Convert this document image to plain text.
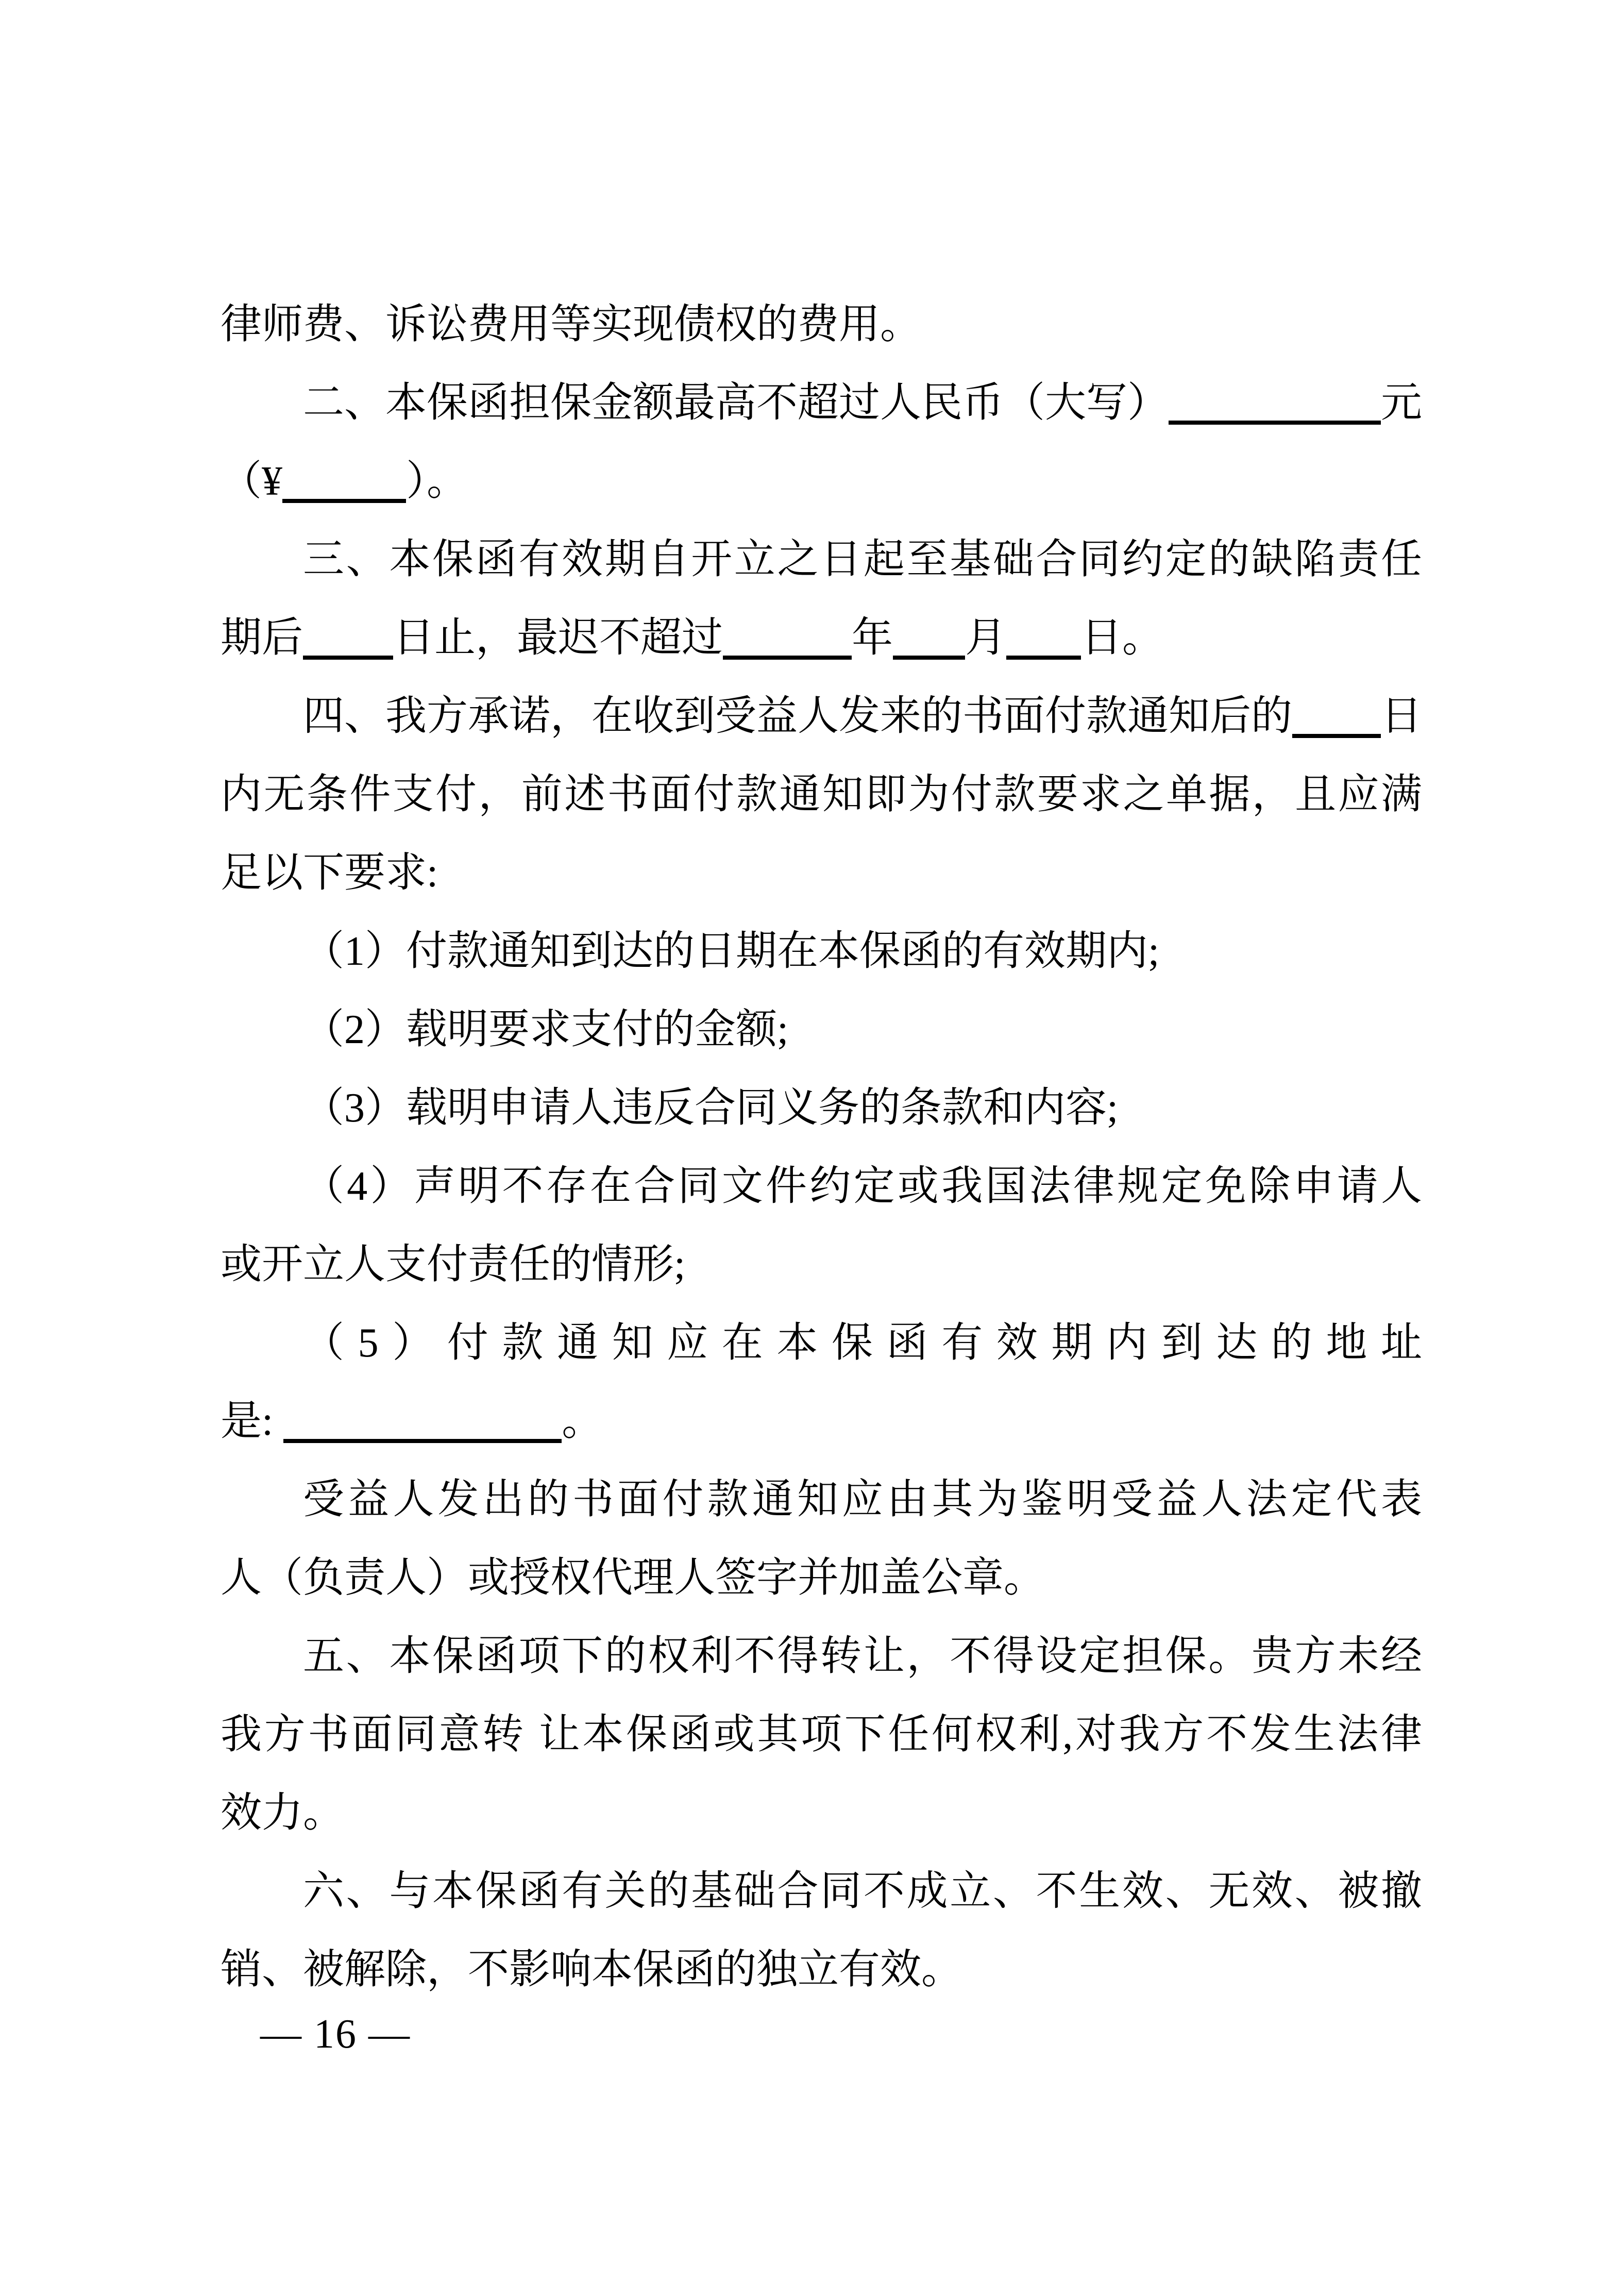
律师费、诉讼费用等实现债权的费用。
二、本保函担保金额最高不超过人民币（大写）	元
（¥	）。
三、本保函有效期自开立之日起至基础合同约定的缺陷责任
期后 日止，最迟不超过	年 月 日。
四、我方承诺，在收到受益人发来的书面付款通知后的 日
内无条件支付，前述书面付款通知即为付款要求之单据，且应满
足以下要求:
（1）付款通知到达的日期在本保函的有效期内;
（2）载明要求支付的金额;
（3）载明申请人违反合同义务的条款和内容;
（4）声明不存在合同文件约定或我国法律规定免除申请人
或开立人支付责任的情形;
（5）付款通知应在本保函有效期内到达的地址
是:	。
受益人发出的书面付款通知应由其为鉴明受益人法定代表
人（负责人）或授权代理人签字并加盖公章。
五、本保函项下的权利不得转让，不得设定担保。贵方未经
我方书面同意转 让本保函或其项下任何权利,对我方不发生法律
效力。
六、与本保函有关的基础合同不成立、不生效、无效、被撤
销、被解除，不影响本保函的独立有效。
— 16 —
